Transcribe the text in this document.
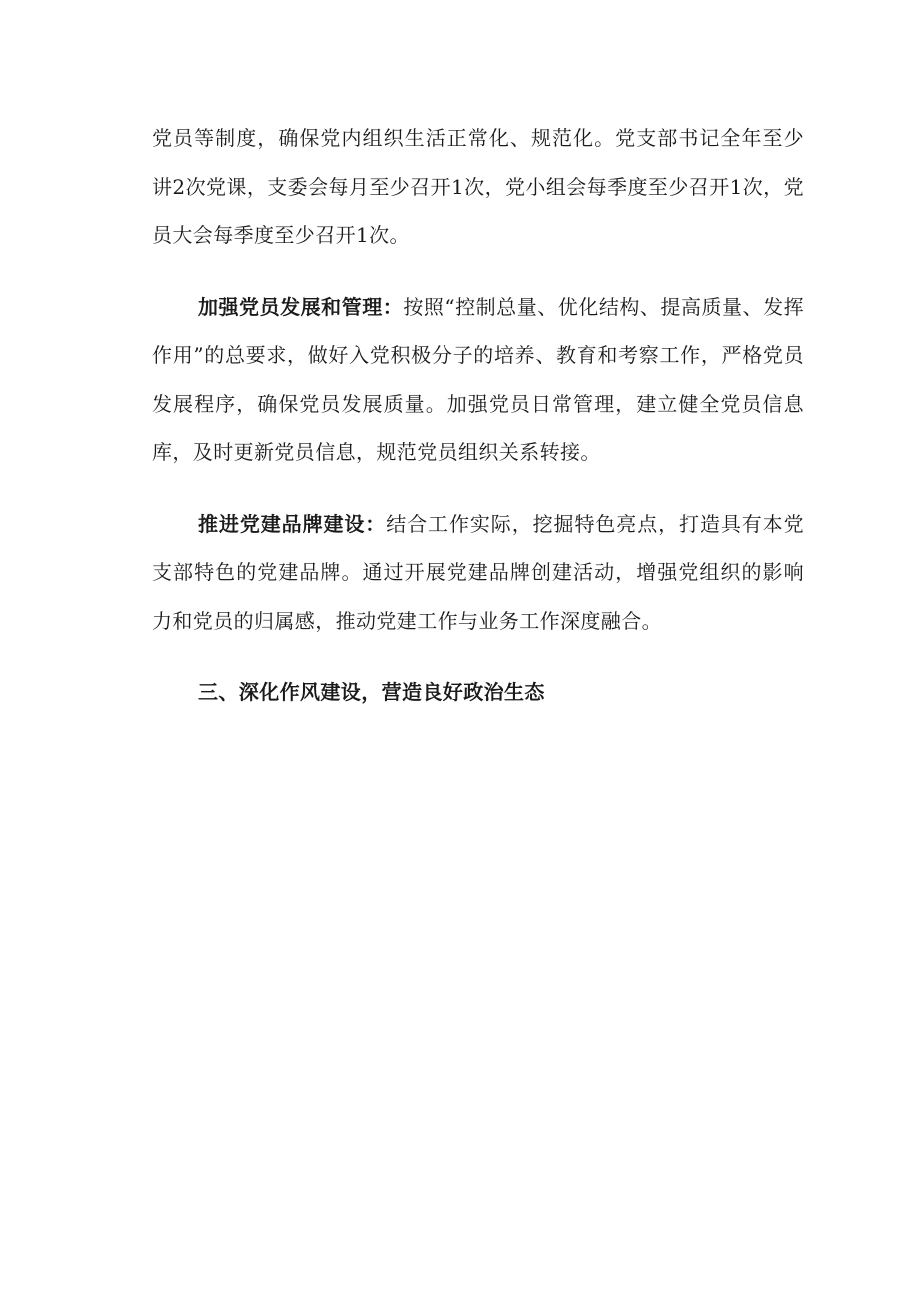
党员等制度，确保党内组织生活正常化、规范化。党支部书记全年至少讲2次党课，支委会每月至少召开1次，党小组会每季度至少召开1次，党员大会每季度至少召开1次。

加强党员发展和管理：按照“控制总量、优化结构、提高质量、发挥作用”的总要求，做好入党积极分子的培养、教育和考察工作，严格党员发展程序，确保党员发展质量。加强党员日常管理，建立健全党员信息库，及时更新党员信息，规范党员组织关系转接。

推进党建品牌建设：结合工作实际，挖掘特色亮点，打造具有本党支部特色的党建品牌。通过开展党建品牌创建活动，增强党组织的影响力和党员的归属感，推动党建工作与业务工作深度融合。

三、深化作风建设，营造良好政治生态
